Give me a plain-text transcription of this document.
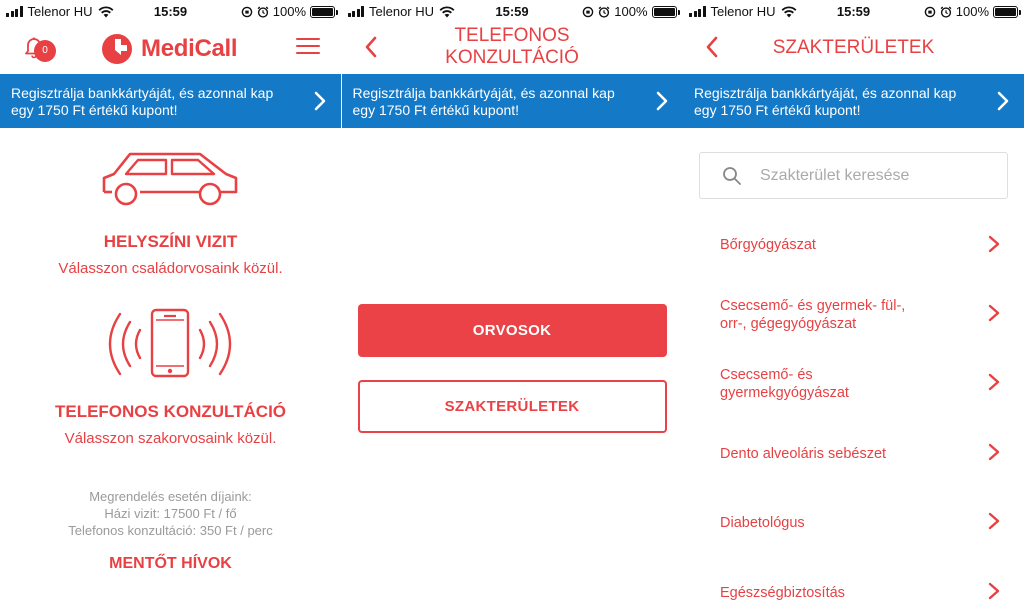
Telenor HU	15:59	100%
0	MediCall
Regisztrálja bankkártyáját, és azonnal kap
egy 1750 Ft értékű kupont!
HELYSZÍNI VIZIT
Válasszon családorvosaink közül.
TELEFONOS KONZULTÁCIÓ
Válasszon szakorvosaink közül.
Megrendelés esetén díjaink:
Házi vizit: 17500 Ft / fő
Telefonos konzultáció: 350 Ft / perc
MENTŐT HÍVOK
Telenor HU	15:59	100%
TELEFONOS
KONZULTÁCIÓ
Regisztrálja bankkártyáját, és azonnal kap
egy 1750 Ft értékű kupont!
ORVOSOK
SZAKTERÜLETEK
Telenor HU	15:59	100%
SZAKTERÜLETEK
Regisztrálja bankkártyáját, és azonnal kap
egy 1750 Ft értékű kupont!
Szakterület keresése
Bőrgyógyászat
Csecsemő- és gyermek- fül-,
orr-, gégegyógyászat
Csecsemő- és
gyermekgyógyászat
Dento alveoláris sebészet
Diabetológus
Egészségbiztosítás
